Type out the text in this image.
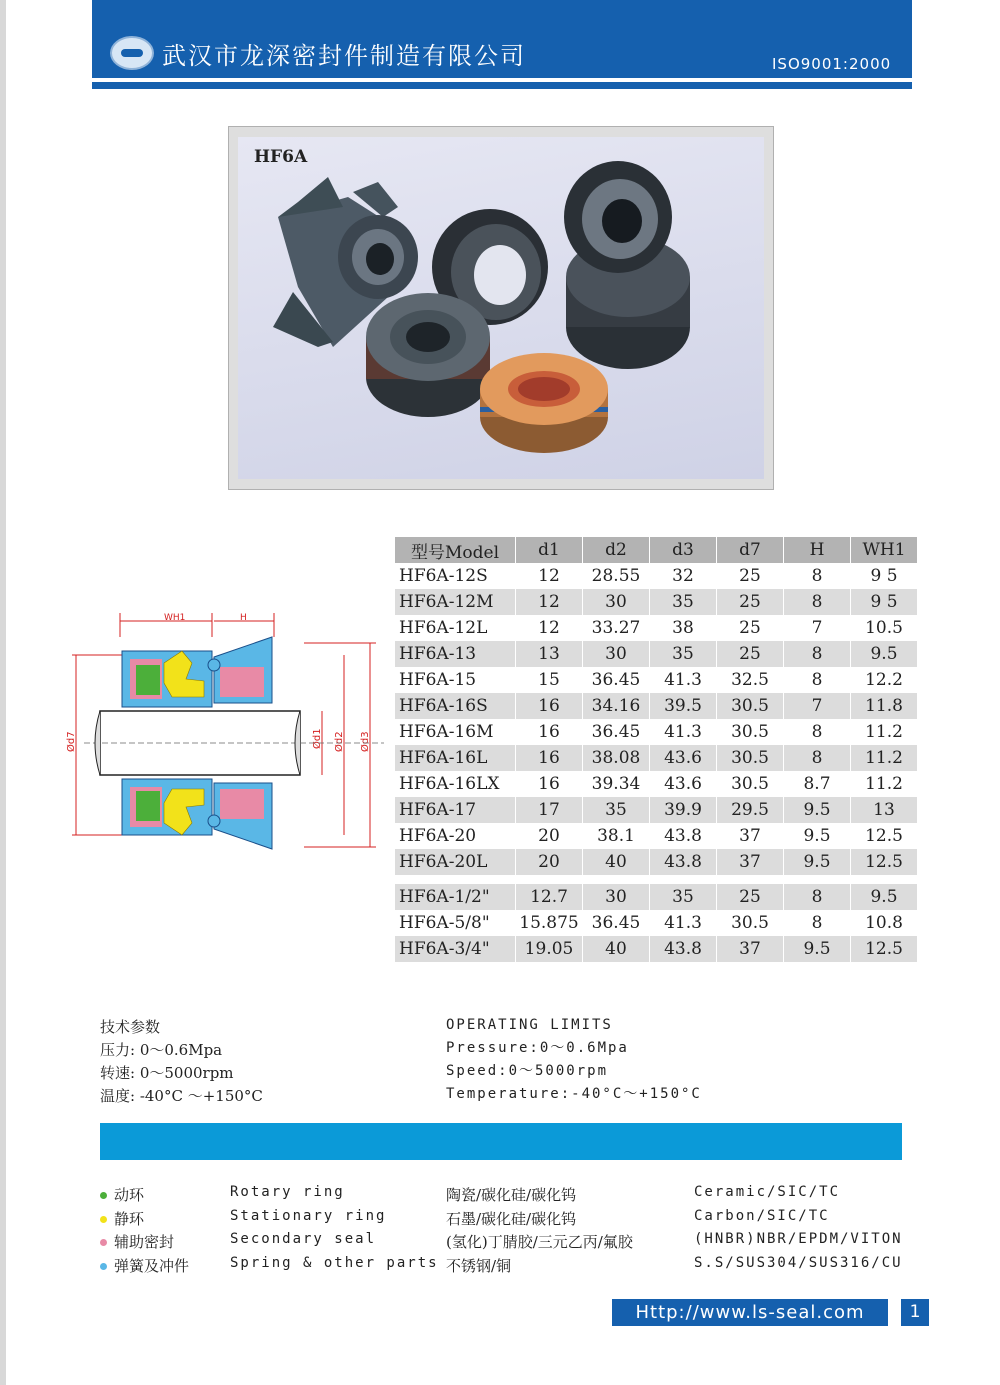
武汉市龙深密封件制造有限公司	ISO9001:2000
HF6A
WH1	H
Ød7	Ød1 Ød2 Ød3
型号Model	d1	d2	d3	d7	H	WH1
HF6A-12S	12	28.55	32	25	8	9 5
HF6A-12M	12	30	35	25	8	9 5
HF6A-12L	12	33.27	38	25	7	10.5
HF6A-13	13	30	35	25	8	9.5
HF6A-15	15	36.45	41.3	32.5	8	12.2
HF6A-16S	16	34.16	39.5	30.5	7	11.8
HF6A-16M	16	36.45	41.3	30.5	8	11.2
HF6A-16L	16	38.08	43.6	30.5	8	11.2
HF6A-16LX	16	39.34	43.6	30.5	8.7	11.2
HF6A-17	17	35	39.9	29.5	9.5	13
HF6A-20	20	38.1	43.8	37	9.5	12.5
HF6A-20L	20	40	43.8	37	9.5	12.5

HF6A-1/2"	12.7	30	35	25	8	9.5
HF6A-5/8"	15.875	36.45	41.3	30.5	8	10.8
HF6A-3/4"	19.05	40	43.8	37	9.5	12.5
技术参数
压力: 0～0.6Mpa
转速: 0～5000rpm
温度: -40°C ～+150°C
OPERATING LIMITS
Pressure:0～0.6Mpa
Speed:0～5000rpm
Temperature:-40°C～+150°C
动环	Rotary ring	陶瓷/碳化硅/碳化钨	Ceramic/SIC/TC
静环	Stationary ring	石墨/碳化硅/碳化钨	Carbon/SIC/TC
辅助密封	Secondary seal	(氢化)丁腈胶/三元乙丙/氟胶	(HNBR)NBR/EPDM/VITON
弹簧及冲件	Spring & other parts 不锈钢/铜	S.S/SUS304/SUS316/CU
Http://www.ls-seal.com	1
